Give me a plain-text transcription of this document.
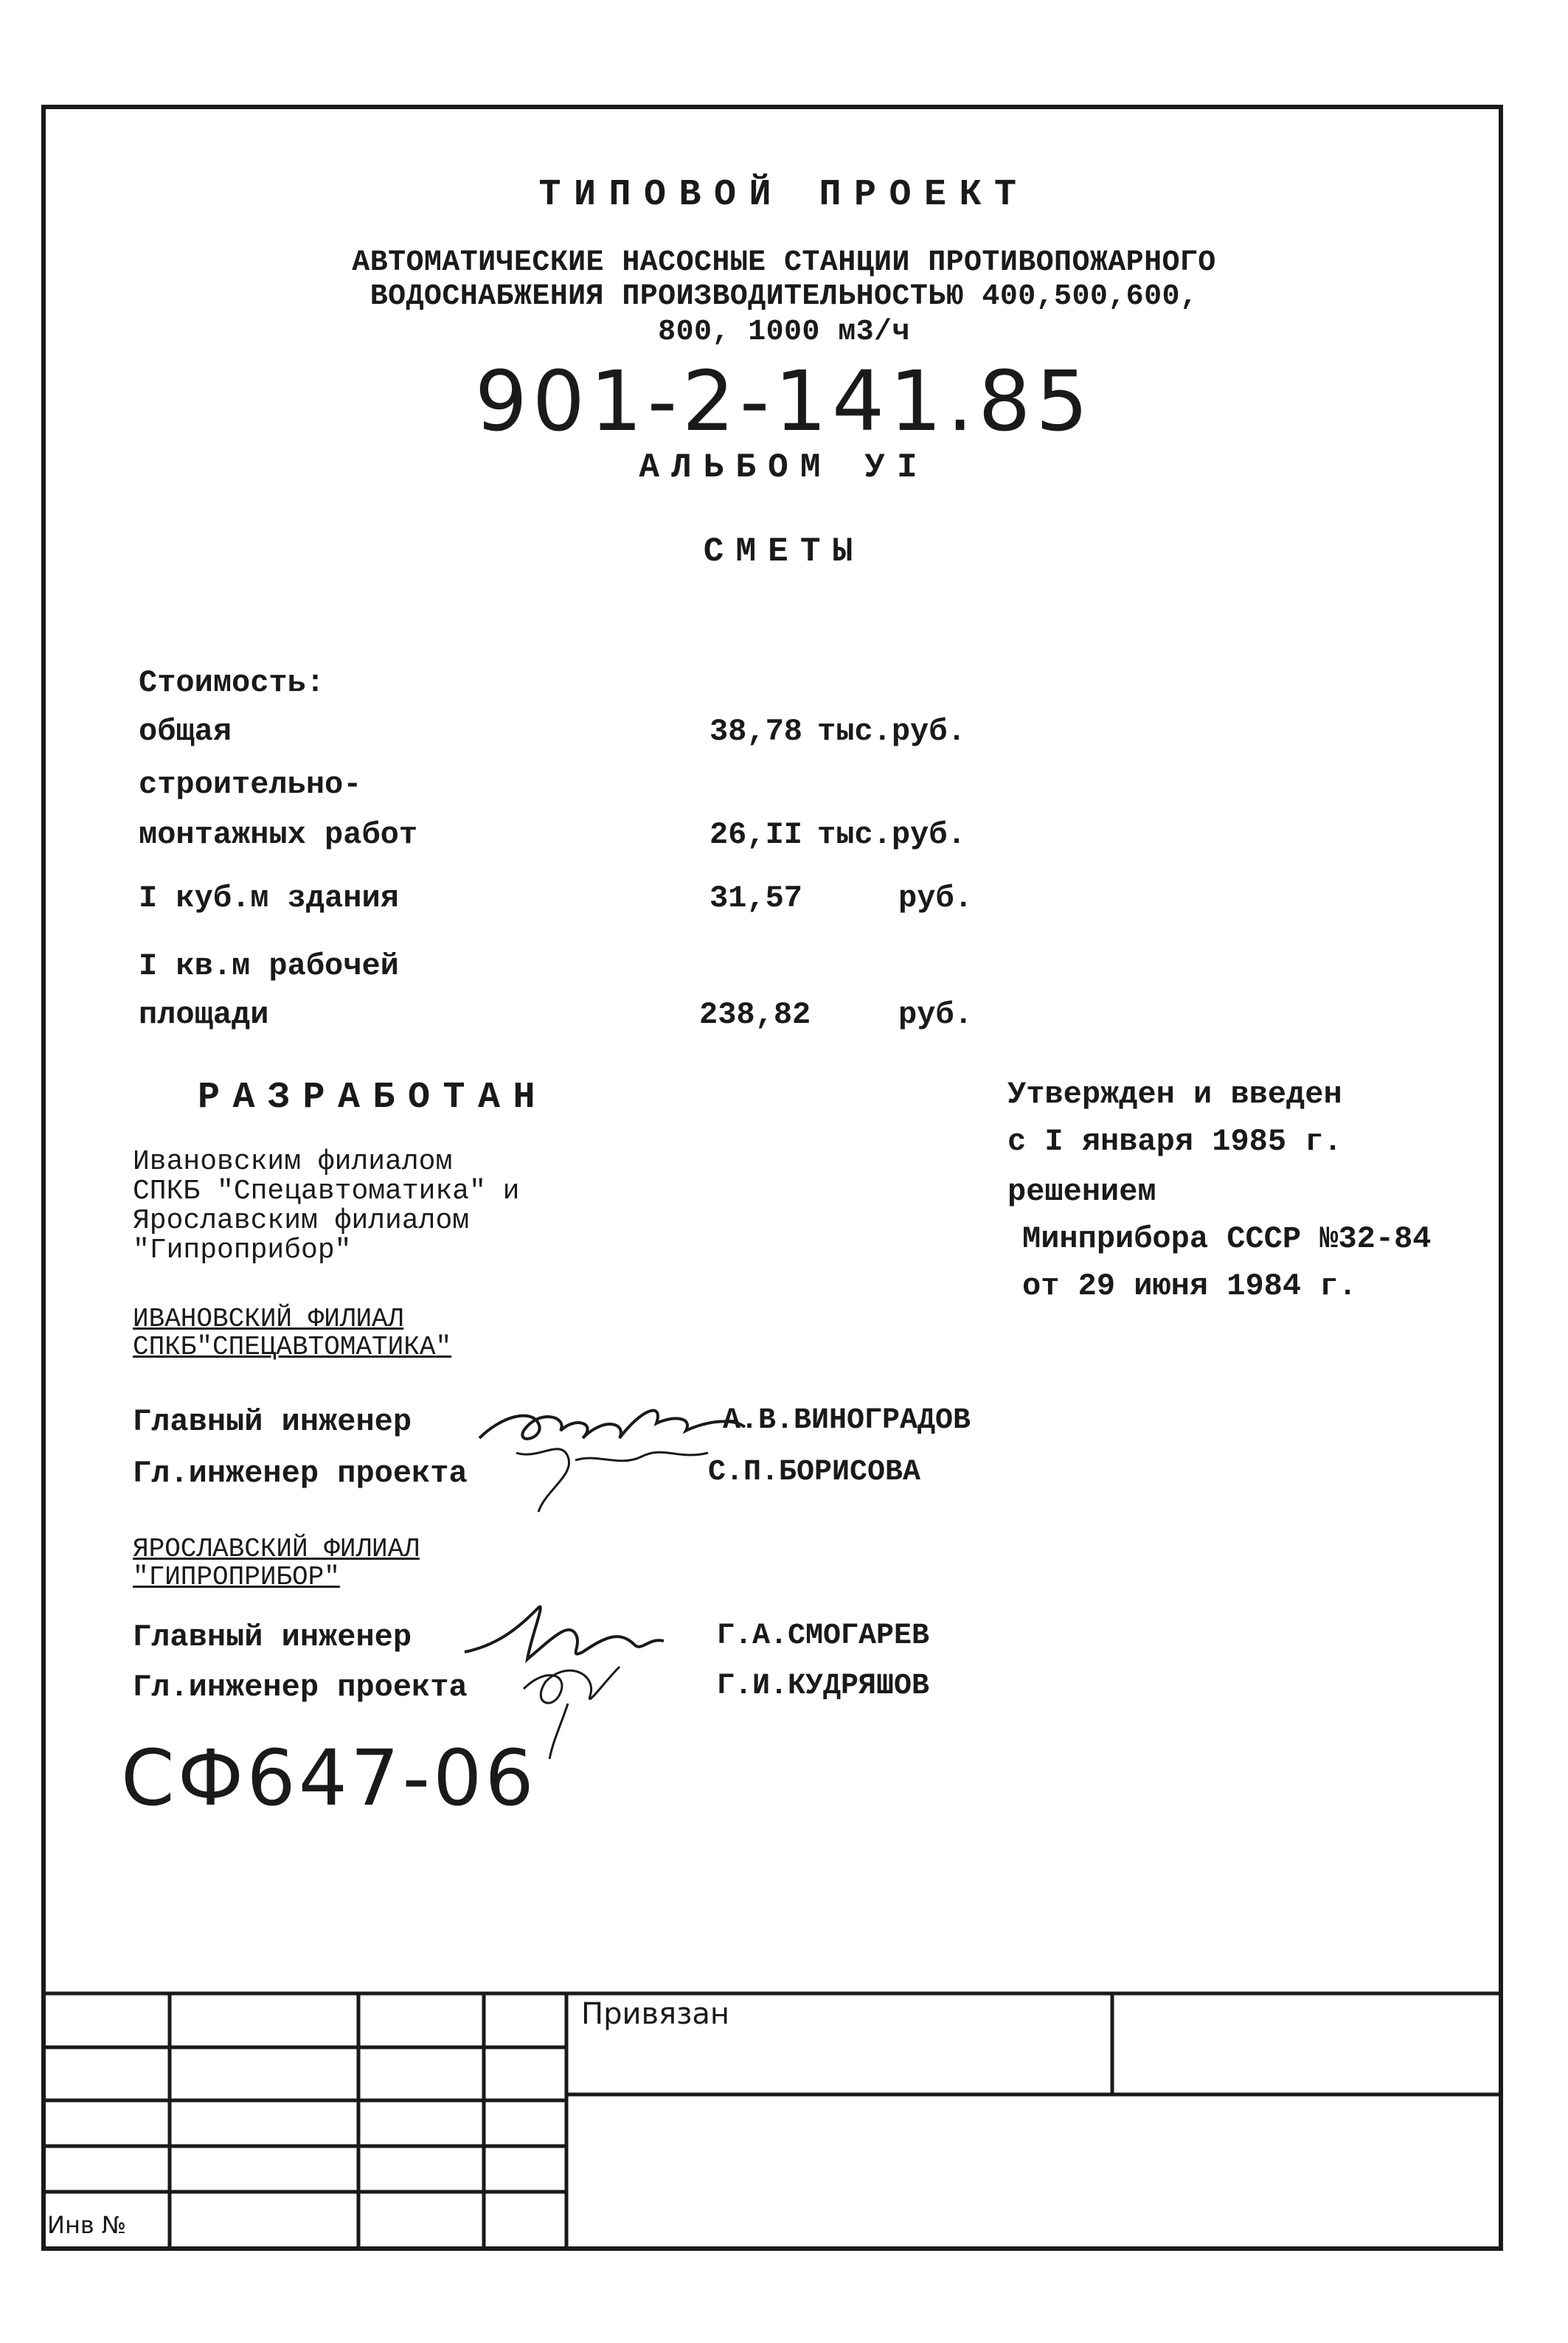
ТИПОВОЙ ПРОЕКТ
АВТОМАТИЧЕСКИЕ НАСОСНЫЕ СТАНЦИИ ПРОТИВОПОЖАРНОГО
ВОДОСНАБЖЕНИЯ ПРОИЗВОДИТЕЛЬНОСТЬЮ 400,500,600,
800, 1000 м3/ч
901-2-141.85
АЛЬБОМ УI
СМЕТЫ
Стоимость:
общая	38,78 тыс.руб.
строительно-
монтажных работ	26,II тыс.руб.
I куб.м здания	31,57	руб.
I кв.м рабочей
площади	238,82	руб.
РАЗРАБОТАН
Ивановским филиалом
СПКБ "Спецавтоматика" и
Ярославским филиалом
"Гипроприбор"
Утвержден и введен
с I января 1985 г.
решением
Минприбора СССР №32-84
от 29 июня 1984 г.
ИВАНОВСКИЙ ФИЛИАЛ
СПКБ"СПЕЦАВТОМАТИКА"
Главный инженер	А.В.ВИНОГРАДОВ
Гл.инженер проекта	С.П.БОРИСОВА
ЯРОСЛАВСКИЙ ФИЛИАЛ
"ГИПРОПРИБОР"
Главный инженер	Г.А.СМОГАРЕВ
Гл.инженер проекта	Г.И.КУДРЯШОВ
СФ647-06
Привязан
Инв №
